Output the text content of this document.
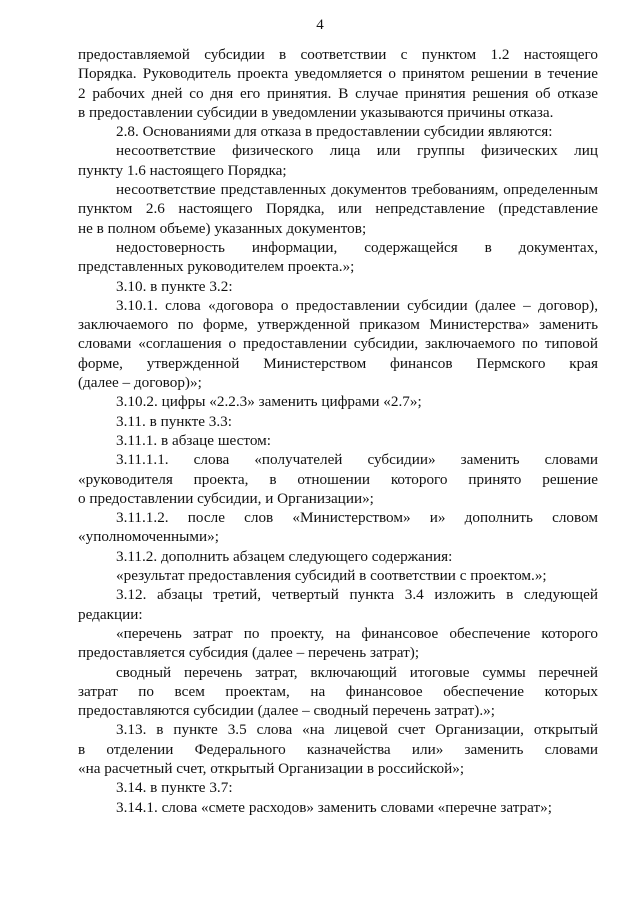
4
предоставляемой субсидии в соответствии с пунктом 1.2 настоящего
Порядка. Руководитель проекта уведомляется о принятом решении в течение
2 рабочих дней со дня его принятия. В случае принятия решения об отказе
в предоставлении субсидии в уведомлении указываются причины отказа.
2.8. Основаниями для отказа в предоставлении субсидии являются:
несоответствие физического лица или группы физических лиц
пункту 1.6 настоящего Порядка;
несоответствие представленных документов требованиям, определенным
пунктом 2.6 настоящего Порядка, или непредставление (представление
не в полном объеме) указанных документов;
недостоверность информации, содержащейся в документах,
представленных руководителем проекта.»;
3.10. в пункте 3.2:
3.10.1. слова «договора о предоставлении субсидии (далее – договор),
заключаемого по форме, утвержденной приказом Министерства» заменить
словами «соглашения о предоставлении субсидии, заключаемого по типовой
форме, утвержденной Министерством финансов Пермского края
(далее – договор)»;
3.10.2. цифры «2.2.3» заменить цифрами «2.7»;
3.11. в пункте 3.3:
3.11.1. в абзаце шестом:
3.11.1.1. слова «получателей субсидии» заменить словами
«руководителя проекта, в отношении которого принято решение
о предоставлении субсидии, и Организации»;
3.11.1.2. после слов «Министерством» и» дополнить словом
«уполномоченными»;
3.11.2. дополнить абзацем следующего содержания:
«результат предоставления субсидий в соответствии с проектом.»;
3.12. абзацы третий, четвертый пункта 3.4 изложить в следующей
редакции:
«перечень затрат по проекту, на финансовое обеспечение которого
предоставляется субсидия (далее – перечень затрат);
сводный перечень затрат, включающий итоговые суммы перечней
затрат по всем проектам, на финансовое обеспечение которых
предоставляются субсидии (далее – сводный перечень затрат).»;
3.13. в пункте 3.5 слова «на лицевой счет Организации, открытый
в отделении Федерального казначейства или» заменить словами
«на расчетный счет, открытый Организации в российской»;
3.14. в пункте 3.7:
3.14.1. слова «смете расходов» заменить словами «перечне затрат»;
